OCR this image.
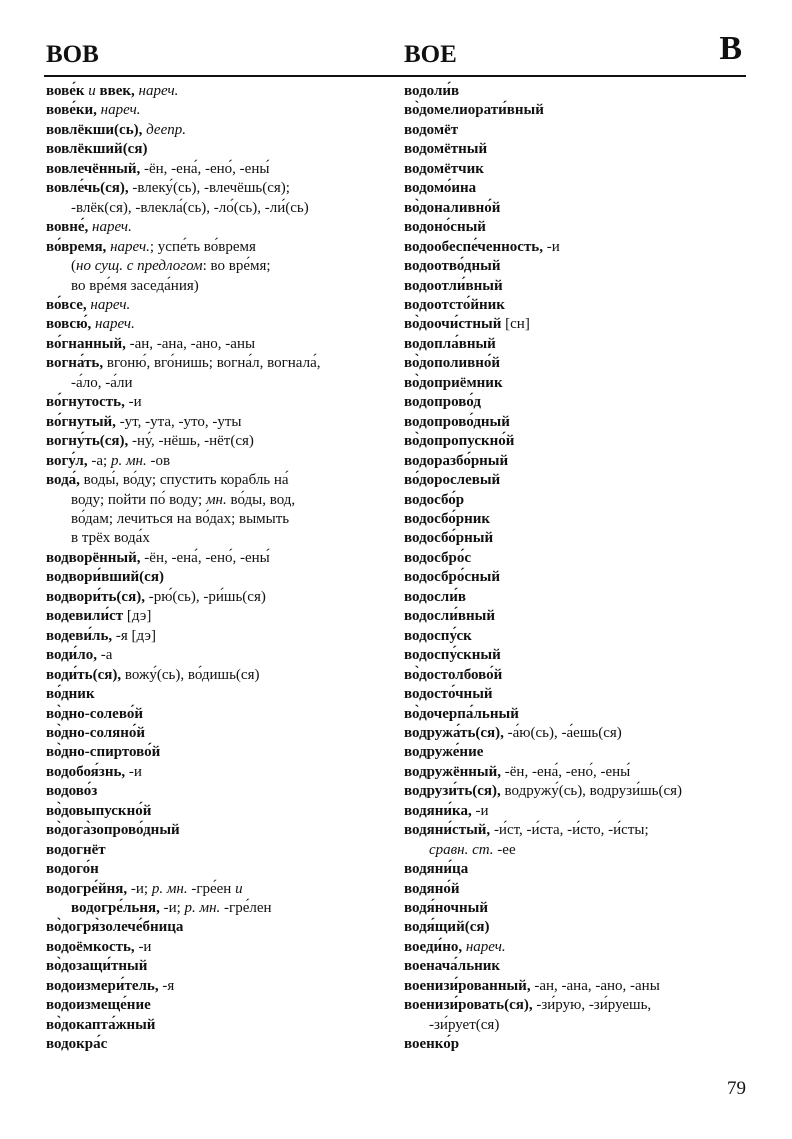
ВОВ	ВОЕ	В
вове́к и ввек, нареч.
вове́ки, нареч.
вовлёкши(сь), деепр.
вовлёкший(ся)
вовлечённый, -ён, -ена́, -ено́, -ены́
вовле́чь(ся), -влеку́(сь), -влечёшь(ся);
-влёк(ся), -влекла́(сь), -ло́(сь), -ли́(сь)
вовне́, нареч.
во́время, нареч.; успе́ть во́время
(но сущ. с предлогом: во вре́мя;
во вре́мя заседа́ния)
во́все, нареч.
вовсю́, нареч.
во́гнанный, -ан, -ана, -ано, -аны
вогна́ть, вгоню́, вго́нишь; вогна́л, вогнала́,
-а́ло, -а́ли
во́гнутость, -и
во́гнутый, -ут, -ута, -уто, -уты
вогну́ть(ся), -ну́, -нёшь, -нёт(ся)
вогу́л, -а; р. мн. -ов
вода́, воды́, во́ду; спустить корабль на́
воду; пойти по́ воду; мн. во́ды, вод,
во́дам; лечиться на во́дах; вымыть
в трёх вода́х
водворённый, -ён, -ена́, -ено́, -ены́
водвори́вший(ся)
водвори́ть(ся), -рю́(сь), -ри́шь(ся)
водевили́ст [дэ]
водеви́ль, -я [дэ]
води́ло, -а
води́ть(ся), вожу́(сь), во́дишь(ся)
во́дник
во̀дно-солево́й
во̀дно-соляно́й
во̀дно-спиртово́й
водобоя́знь, -и
водово́з
во̀довыпускно́й
во̀дога̀зопрово́дный
водогнёт
водого́н
водогре́йня, -и; р. мн. -гре́ен и
водогре́льня, -и; р. мн. -гре́лен
во̀догря̀золече́бница
водоёмкость, -и
во̀дозащи́тный
водоизмери́тель, -я
водоизмеще́ние
во̀докапта́жный
водокра́с
водоли́в
во̀домелиорати́вный
водомёт
водомётный
водомётчик
водомо́ина
во̀доналивно́й
водоно́сный
водообеспе́ченность, -и
водоотво́дный
водоотли́вный
водоотсто́йник
во̀доочи́стный [сн]
водопла́вный
во̀дополивно́й
во̀доприёмник
водопрово́д
водопрово́дный
во̀допропускно́й
водоразбо́рный
во́дорослевый
водосбо́р
водосбо́рник
водосбо́рный
водосбро́с
водосбро́сный
водосли́в
водосли́вный
водоспу́ск
водоспу́скный
во̀достолбово́й
водосто́чный
во̀дочерпа́льный
водружа́ть(ся), -а́ю(сь), -а́ешь(ся)
водруже́ние
водружённый, -ён, -ена́, -ено́, -ены́
водрузи́ть(ся), водружу́(сь), водрузи́шь(ся)
водяни́ка, -и
водяни́стый, -и́ст, -и́ста, -и́сто, -и́сты;
сравн. ст. -ее
водяни́ца
водяно́й
водя́ночный
водя́щий(ся)
воеди́но, нареч.
военача́льник
военизи́рованный, -ан, -ана, -ано, -аны
военизи́ровать(ся), -зи́рую, -зи́руешь,
-зи́рует(ся)
военко́р
79
